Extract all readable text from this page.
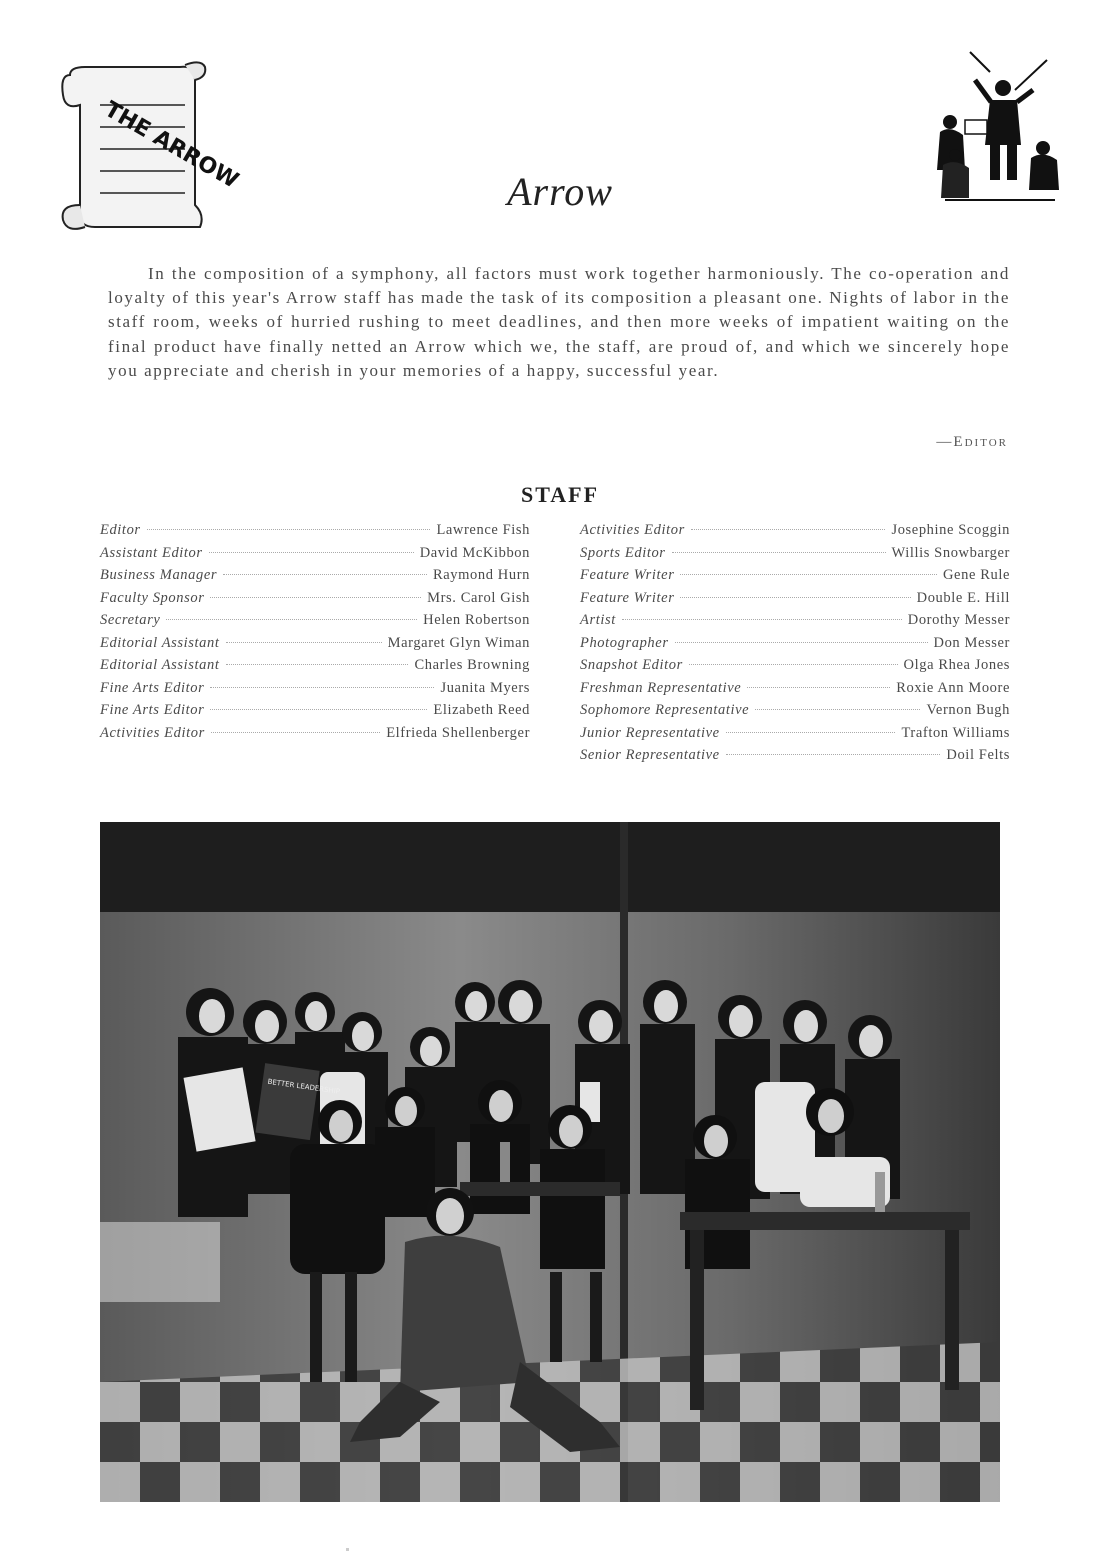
THE ARROW	Arrow
In the composition of a symphony, all factors must work together harmoniously. The co-operation and loyalty of this year's Arrow staff has made the task of its composition a pleasant one. Nights of labor in the staff room, weeks of hurried rushing to meet deadlines, and then more weeks of impatient waiting on the final product have finally netted an Arrow which we, the staff, are proud of, and which we sincerely hope you appreciate and cherish in your memories of a happy, successful year.
—Editor
STAFF
Editor	Lawrence Fish
Assistant Editor	David McKibbon
Business Manager	Raymond Hurn
Faculty Sponsor	Mrs. Carol Gish
Secretary	Helen Robertson
Editorial Assistant	Margaret Glyn Wiman
Editorial Assistant	Charles Browning
Fine Arts Editor	Juanita Myers
Fine Arts Editor	Elizabeth Reed
Activities Editor	Elfrieda Shellenberger
Activities Editor	Josephine Scoggin
Sports Editor	Willis Snowbarger
Feature Writer	Gene Rule
Feature Writer	Double E. Hill
Artist	Dorothy Messer
Photographer	Don Messer
Snapshot Editor	Olga Rhea Jones
Freshman Representative	Roxie Ann Moore
Sophomore Representative	Vernon Bugh
Junior Representative	Trafton Williams
Senior Representative	Doil Felts
BETTER LEADERSHIP
